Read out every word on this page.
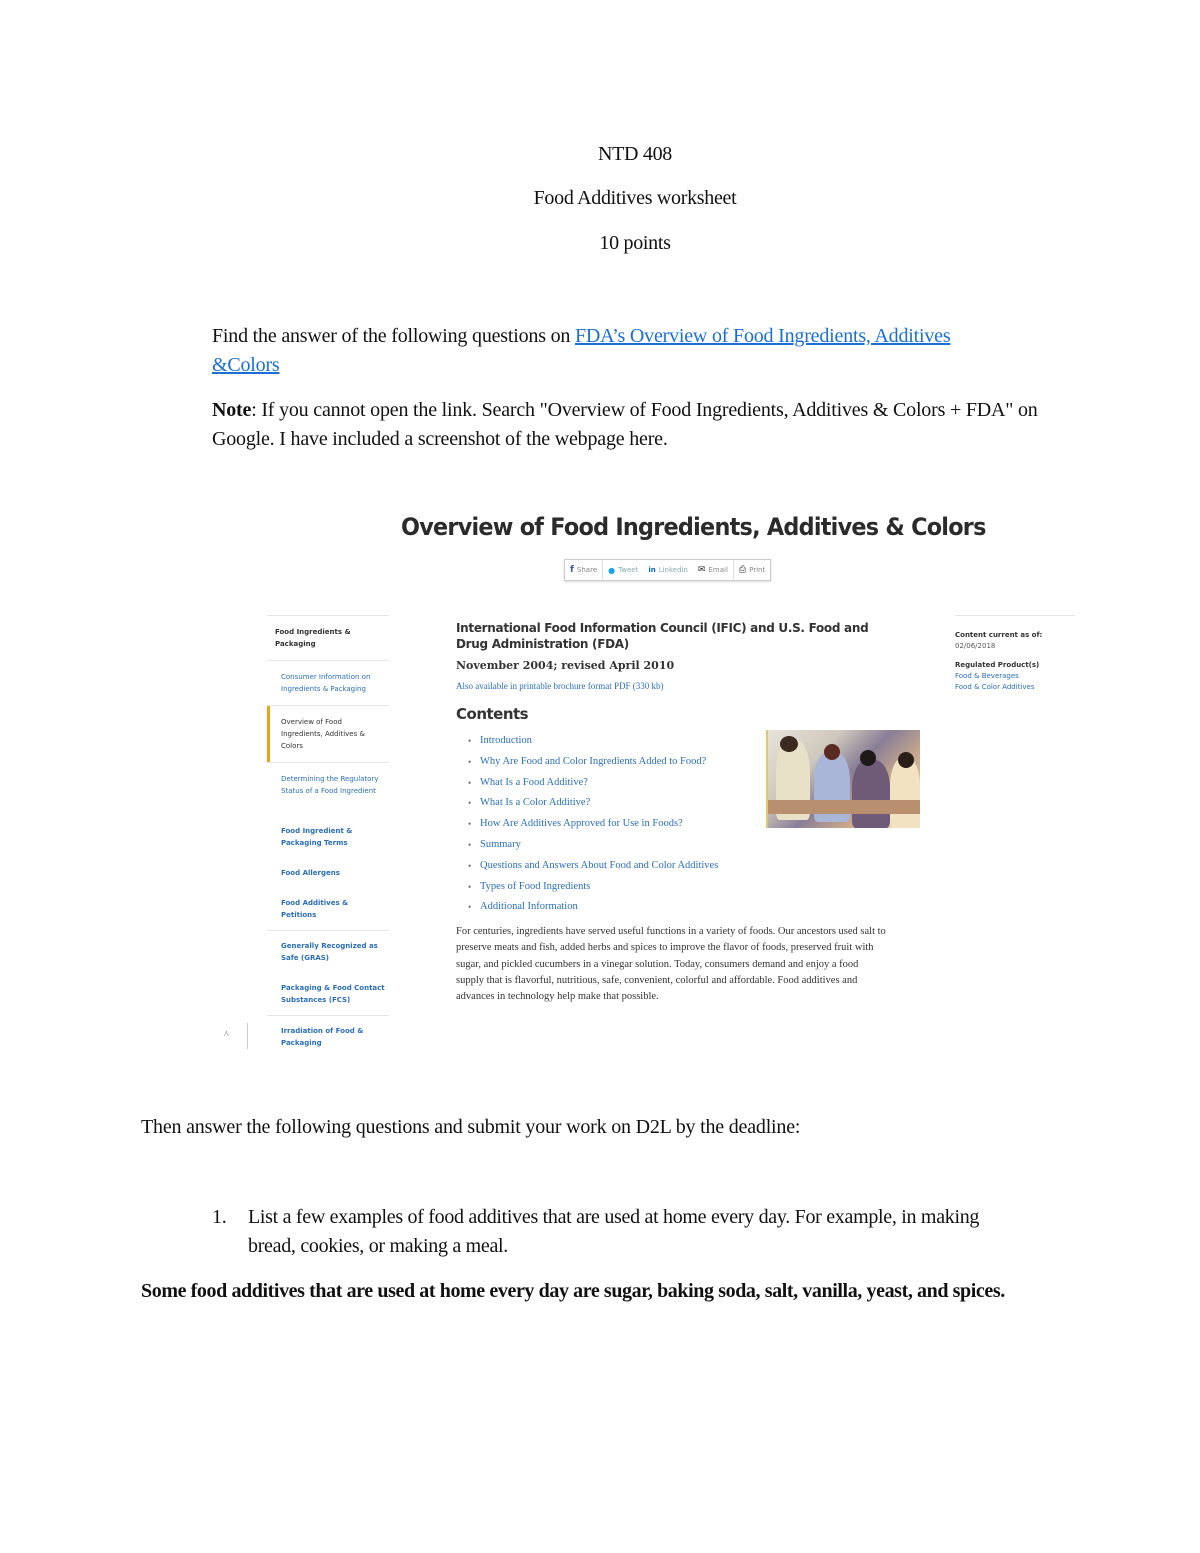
NTD 408
Food Additives worksheet
10 points
Find the answer of the following questions on FDA’s Overview of Food Ingredients, Additives &Colors
Note: If you cannot open the link. Search "Overview of Food Ingredients, Additives & Colors + FDA" on Google. I have included a screenshot of the webpage here.
Overview of Food Ingredients, Additives & Colors
f Share ● Tweet in Linkedin ✉ Email ⎙ Print
Food Ingredients & Packaging
Consumer Information on Ingredients & Packaging
Overview of Food Ingredients, Additives & Colors
Determining the Regulatory Status of a Food Ingredient
Food Ingredient & Packaging Terms
Food Allergens
Food Additives & Petitions
Generally Recognized as Safe (GRAS)
Packaging & Food Contact Substances (FCS)
Irradiation of Food & Packaging
International Food Information Council (IFIC) and U.S. Food and Drug Administration (FDA)
November 2004; revised April 2010
Also available in printable brochure format PDF (330 kb)
Contents
• Introduction
• Why Are Food and Color Ingredients Added to Food?
• What Is a Food Additive?
• What Is a Color Additive?
• How Are Additives Approved for Use in Foods?
• Summary
• Questions and Answers About Food and Color Additives
• Types of Food Ingredients
• Additional Information
For centuries, ingredients have served useful functions in a variety of foods. Our ancestors used salt to preserve meats and fish, added herbs and spices to improve the flavor of foods, preserved fruit with sugar, and pickled cucumbers in a vinegar solution. Today, consumers demand and enjoy a food supply that is flavorful, nutritious, safe, convenient, colorful and affordable. Food additives and advances in technology help make that possible.
Content current as of:
02/06/2018
Regulated Product(s)
Food & Beverages
Food & Color Additives
^
Then answer the following questions and submit your work on D2L by the deadline:
1. List a few examples of food additives that are used at home every day. For example, in making bread, cookies, or making a meal.
Some food additives that are used at home every day are sugar, baking soda, salt, vanilla, yeast, and spices.
